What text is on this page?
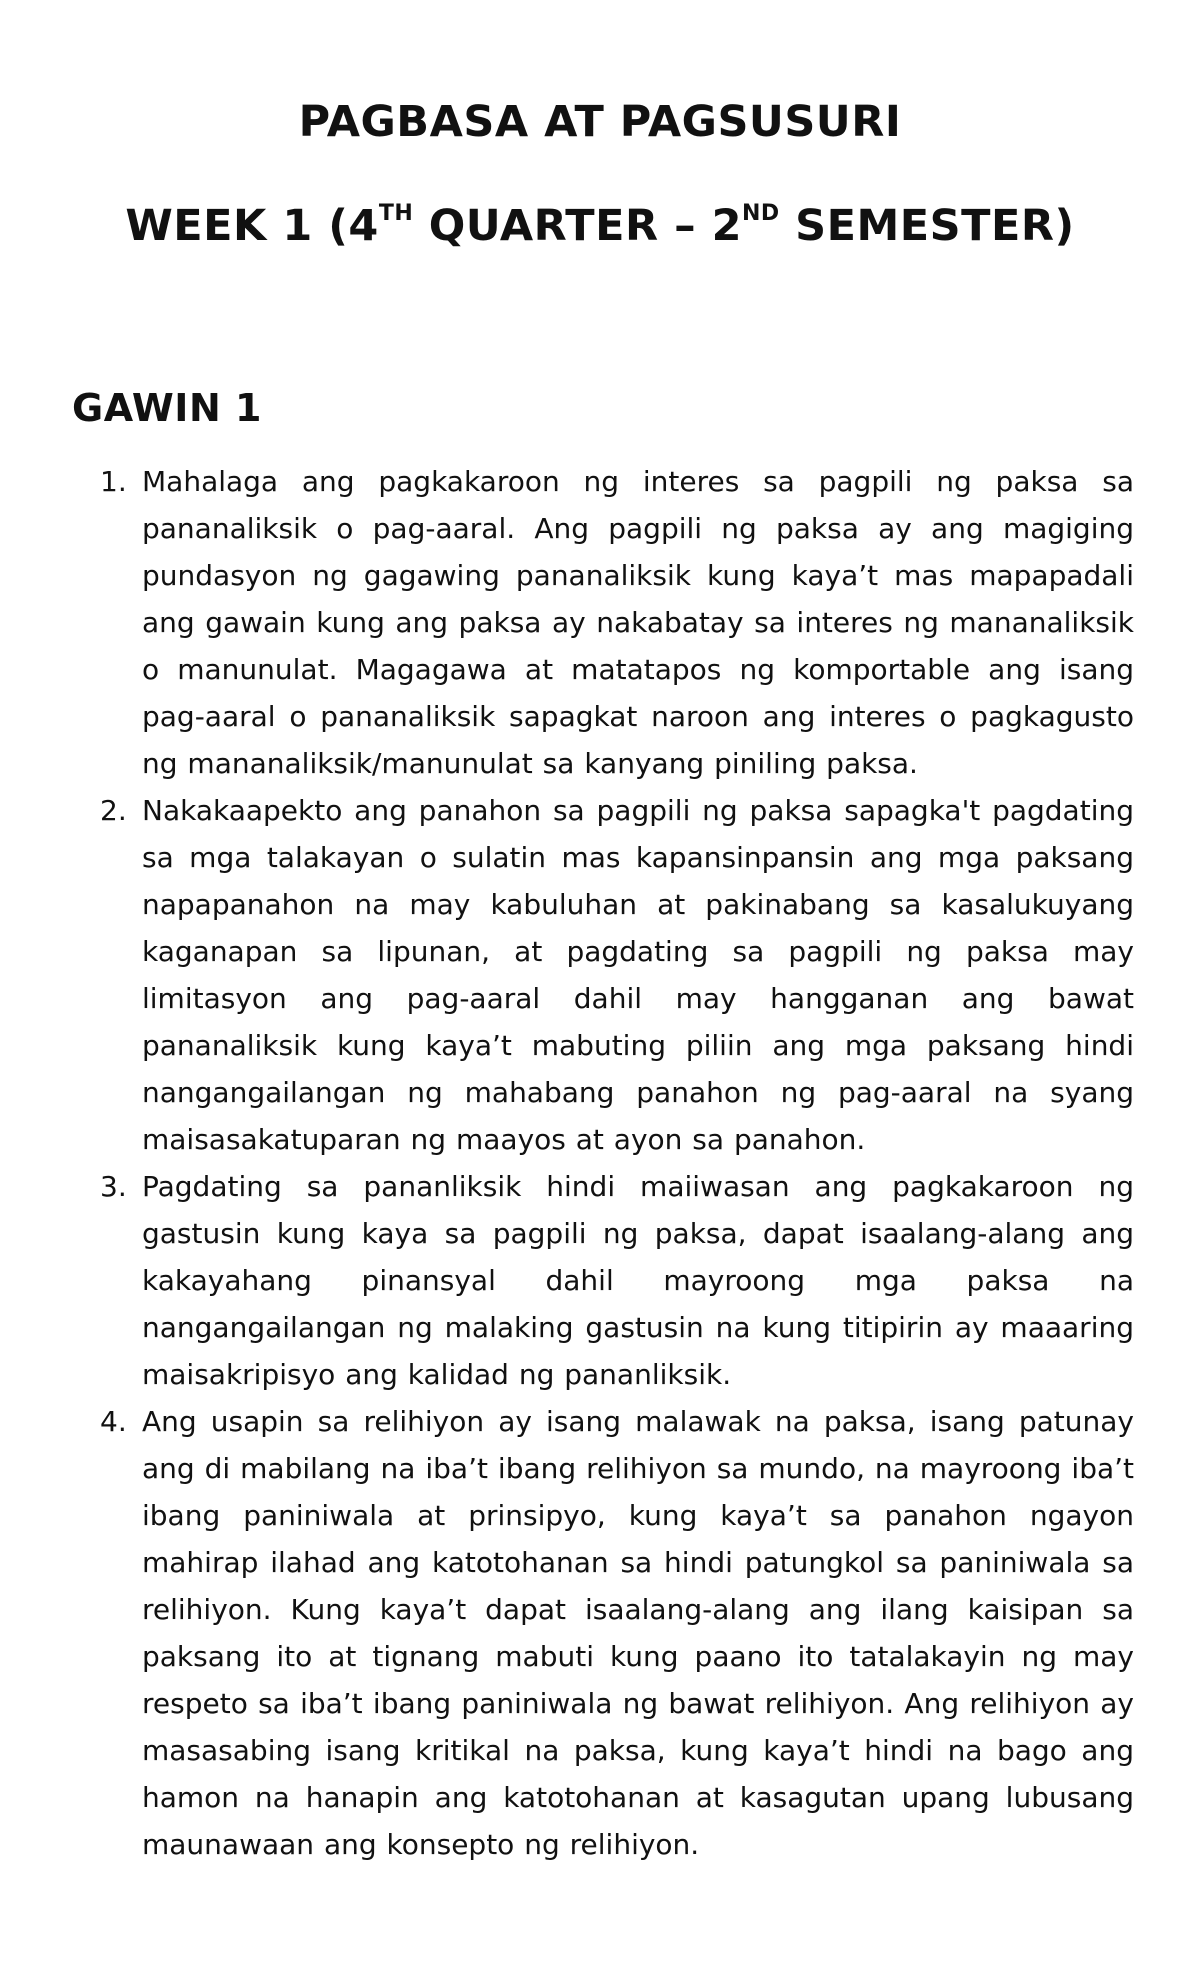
PAGBASA AT PAGSUSURI
WEEK 1 (4TH QUARTER – 2ND SEMESTER)
GAWIN 1
1. Mahalaga ang pagkakaroon ng interes sa pagpili ng paksa sa pananaliksik o pag-aaral. Ang pagpili ng paksa ay ang magiging pundasyon ng gagawing pananaliksik kung kaya’t mas mapapadali ang gawain kung ang paksa ay nakabatay sa interes ng mananaliksik o manunulat. Magagawa at matatapos ng komportable ang isang pag-aaral o pananaliksik sapagkat naroon ang interes o pagkagusto ng mananaliksik/manunulat sa kanyang piniling paksa.
2. Nakakaapekto ang panahon sa pagpili ng paksa sapagka't pagdating sa mga talakayan o sulatin mas kapansinpansin ang mga paksang napapanahon na may kabuluhan at pakinabang sa kasalukuyang kaganapan sa lipunan, at pagdating sa pagpili ng paksa may limitasyon ang pag-aaral dahil may hangganan ang bawat pananaliksik kung kaya’t mabuting piliin ang mga paksang hindi nangangailangan ng mahabang panahon ng pag-aaral na syang maisasakatuparan ng maayos at ayon sa panahon.
3. Pagdating sa pananliksik hindi maiiwasan ang pagkakaroon ng gastusin kung kaya sa pagpili ng paksa, dapat isaalang-alang ang kakayahang pinansyal dahil mayroong mga paksa na nangangailangan ng malaking gastusin na kung titipirin ay maaaring maisakripisyo ang kalidad ng pananliksik.
4. Ang usapin sa relihiyon ay isang malawak na paksa, isang patunay ang di mabilang na iba’t ibang relihiyon sa mundo, na mayroong iba’t ibang paniniwala at prinsipyo, kung kaya’t sa panahon ngayon mahirap ilahad ang katotohanan sa hindi patungkol sa paniniwala sa relihiyon. Kung kaya’t dapat isaalang-alang ang ilang kaisipan sa paksang ito at tignang mabuti kung paano ito tatalakayin ng may respeto sa iba’t ibang paniniwala ng bawat relihiyon. Ang relihiyon ay masasabing isang kritikal na paksa, kung kaya’t hindi na bago ang hamon na hanapin ang katotohanan at kasagutan upang lubusang maunawaan ang konsepto ng relihiyon.
